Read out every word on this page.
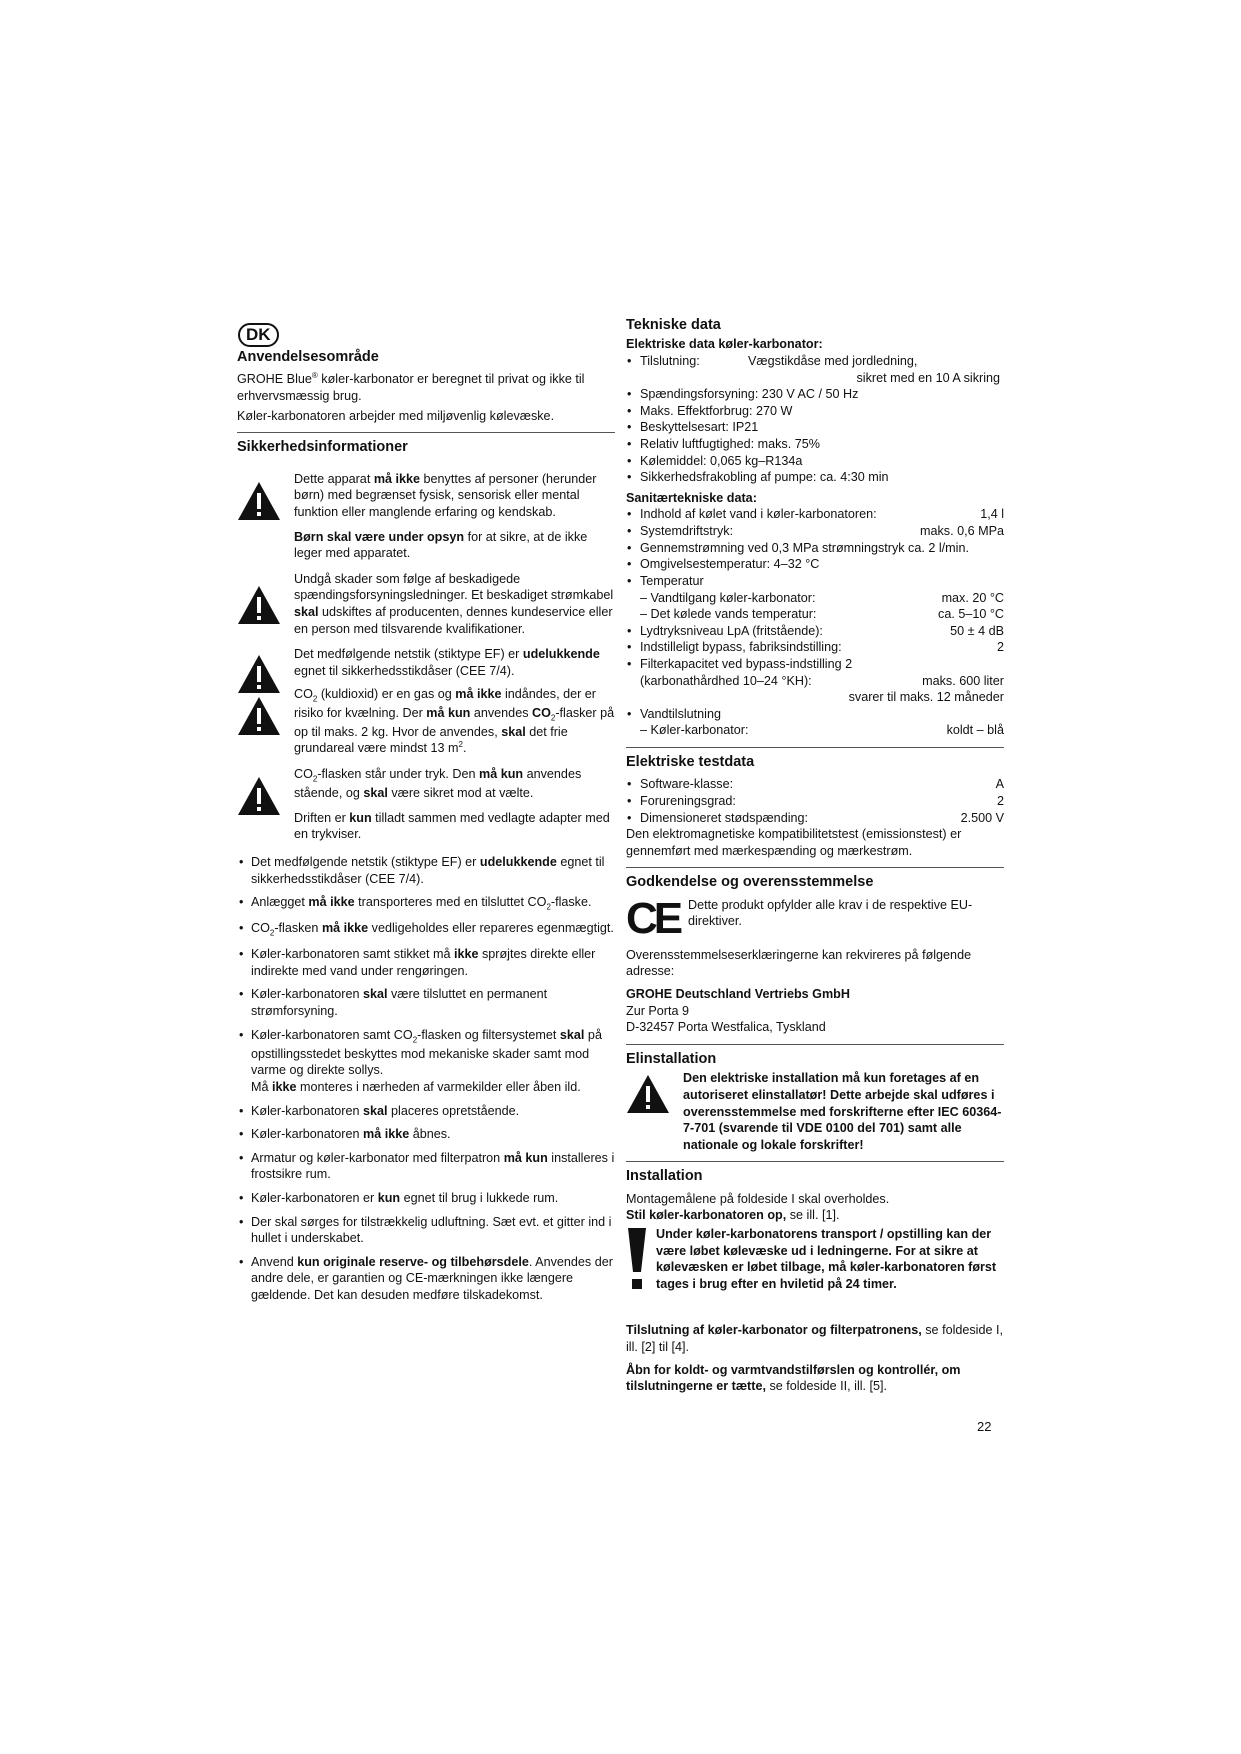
DK
Anvendelsesområde

GROHE Blue® køler-karbonator er beregnet til privat og ikke til erhvervsmæssig brug.

Køler-karbonatoren arbejder med miljøvenlig kølevæske.

Sikkerhedsinformationer

Dette apparat må ikke benyttes af personer (herunder børn) med begrænset fysisk, sensorisk eller mental funktion eller manglende erfaring og kendskab.

Børn skal være under opsyn for at sikre, at de ikke leger med apparatet.

Undgå skader som følge af beskadigede spændingsforsyningsledninger. Et beskadiget strømkabel skal udskiftes af producenten, dennes kundeservice eller en person med tilsvarende kvalifikationer.

Det medfølgende netstik (stiktype EF) er udelukkende egnet til sikkerhedsstikdåser (CEE 7/4).

$CO_2$ (kuldioxid) er en gas og må ikke indåndes, der er risiko for kvælning. Der må kun anvendes $CO_2$-flasker på op til maks. 2 kg. Hvor de anvendes, skal det frie grundareal være mindst 13 $m^2$.

$CO_2$-flasken står under tryk. Den må kun anvendes stående, og skal være sikret mod at vælte.

Driften er kun tilladt sammen med vedlagte adapter med en trykviser.

• Det medfølgende netstik (stiktype EF) er udelukkende egnet til sikkerhedsstikdåser (CEE 7/4).
• Anlægget må ikke transporteres med en tilsluttet $CO_2$-flaske.
• $CO_2$-flasken må ikke vedligeholdes eller repareres egenmægtigt.
• Køler-karbonatoren samt stikket må ikke sprøjtes direkte eller indirekte med vand under rengøringen.
• Køler-karbonatoren skal være tilsluttet en permanent strømforsyning.
• Køler-karbonatoren samt $CO_2$-flasken og filtersystemet skal på opstillingsstedet beskyttes mod mekaniske skader samt mod varme og direkte sollys.
Må ikke monteres i nærheden af varmekilder eller åben ild.
• Køler-karbonatoren skal placeres opretstående.
• Køler-karbonatoren må ikke åbnes.
• Armatur og køler-karbonator med filterpatron må kun installeres i frostsikre rum.
• Køler-karbonatoren er kun egnet til brug i lukkede rum.
• Der skal sørges for tilstrækkelig udluftning. Sæt evt. et gitter ind i hullet i underskabet.
• Anvend kun originale reserve- og tilbehørsdele. Anvendes der andre dele, er garantien og CE-mærkningen ikke længere gældende. Det kan desuden medføre tilskadekomst.
Tekniske data
Elektriske data køler-karbonator:
• Tilslutning:	Vægstikdåse med jordledning,
sikret med en 10 A sikring
• Spændingsforsyning: 230 V AC / 50 Hz
• Maks. Effektforbrug: 270 W
• Beskyttelsesart: IP21
• Relativ luftfugtighed: maks. 75%
• Kølemiddel: 0,065 kg–R134a
• Sikkerhedsfrakobling af pumpe: ca. 4:30 min
Sanitærtekniske data:
• Indhold af kølet vand i køler-karbonatoren:	1,4 l
• Systemdriftstryk:	maks. 0,6 MPa
• Gennemstrømning ved 0,3 MPa strømningstryk ca. 2 l/min.
• Omgivelsestemperatur: 4–32 °C
• Temperatur
– Vandtilgang køler-karbonator:	max. 20 °C
– Det kølede vands temperatur:	ca. 5–10 °C
• Lydtryksniveau LpA (fritstående):	50 ± 4 dB
• Indstilleligt bypass, fabriksindstilling:	2
• Filterkapacitet ved bypass-indstilling 2
(karbonathårdhed 10–24 °KH):	maks. 600 liter
svarer til maks. 12 måneder
• Vandtilslutning
– Køler-karbonator:	koldt – blå
Elektriske testdata
• Software-klasse:	A
• Forureningsgrad:	2
• Dimensioneret stødspænding:	2.500 V

Den elektromagnetiske kompatibilitetstest (emissionstest) er gennemført med mærkespænding og mærkestrøm.

Godkendelse og overensstemmelse
CE Dette produkt opfylder alle krav i de respektive EU-direktiver.

Overensstemmelseserklæringerne kan rekvireres på følgende adresse:

GROHE Deutschland Vertriebs GmbH

Zur Porta 9

D-32457 Porta Westfalica, Tyskland

Elinstallation
Den elektriske installation må kun foretages af en autoriseret elinstallatør! Dette arbejde skal udføres i overensstemmelse med forskrifterne efter IEC 60364-7-701 (svarende til VDE 0100 del 701) samt alle nationale og lokale forskrifter!
Installation

Montagemålene på foldeside I skal overholdes.

Stil køler-karbonatoren op, se ill. [1].

Under køler-karbonatorens transport / opstilling kan der være løbet kølevæske ud i ledningerne. For at sikre at kølevæsken er løbet tilbage, må køler-karbonatoren først tages i brug efter en hviletid på 24 timer.

Tilslutning af køler-karbonator og filterpatronens, se foldeside I, ill. [2] til [4].

Åbn for koldt- og varmtvandstilførslen og kontrollér, om tilslutningerne er tætte, se foldeside II, ill. [5].

22
